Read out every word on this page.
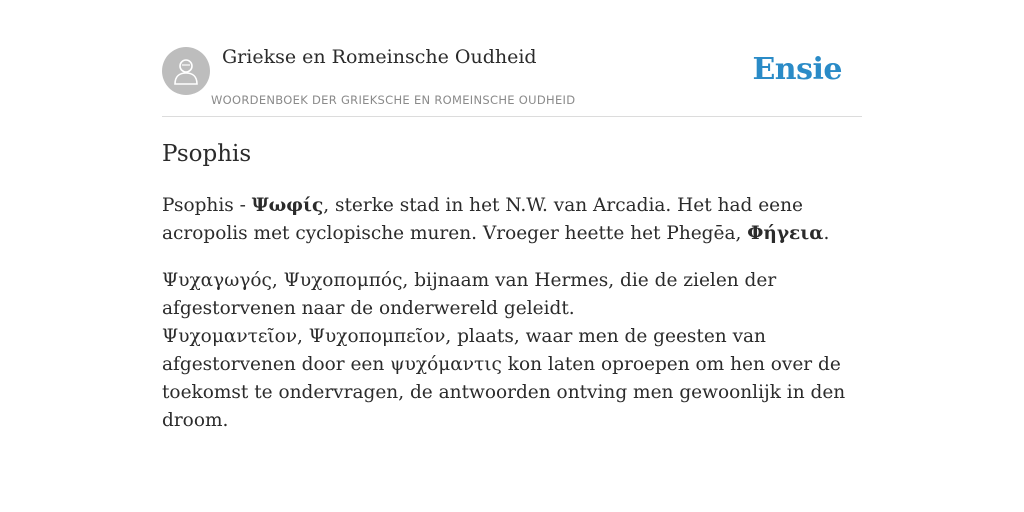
Griekse en Romeinsche Oudheid
WOORDENBOEK DER GRIEKSCHE EN ROMEINSCHE OUDHEID
Ensie
Psophis
Psophis - Ψωφίς, sterke stad in het N.W. van Arcadia. Het had eene acropolis met cyclopische muren. Vroeger heette het Phegēa, Φήγεια.
Ψυχαγωγός, Ψυχοπομπός, bijnaam van Hermes, die de zielen der afgestorvenen naar de onderwereld geleidt.
Ψυχομαντεῖον, Ψυχοπομπεῖον, plaats, waar men de geesten van afgestorvenen door een ψυχόμαντις kon laten oproepen om hen over de toekomst te ondervragen, de antwoorden ontving men gewoonlijk in den droom.
